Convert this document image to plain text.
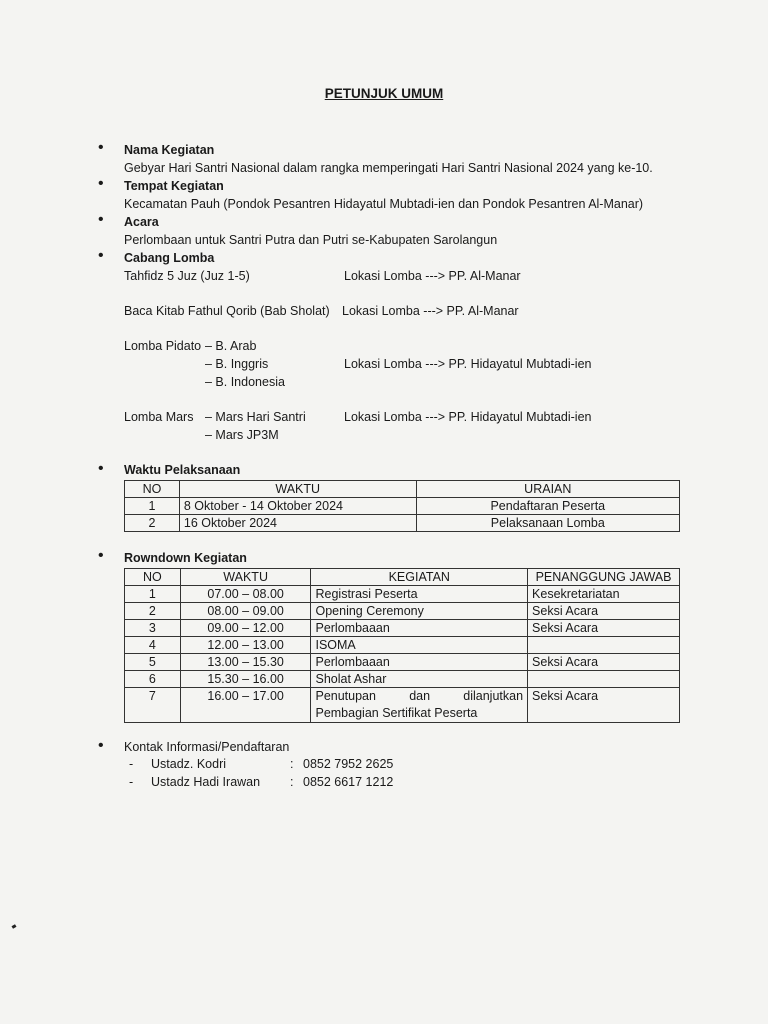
PETUNJUK UMUM
•
Nama Kegiatan
Gebyar Hari Santri Nasional dalam rangka memperingati Hari Santri Nasional 2024 yang ke-10.
•
Tempat Kegiatan
Kecamatan Pauh (Pondok Pesantren Hidayatul Mubtadi-ien dan Pondok Pesantren Al-Manar)
•
Acara
Perlombaan untuk Santri Putra dan Putri se-Kabupaten Sarolangun
•
Cabang Lomba
Tahfidz 5 Juz (Juz 1-5)	Lokasi Lomba ---> PP. Al-Manar
Baca Kitab Fathul Qorib (Bab Sholat) Lokasi Lomba ---> PP. Al-Manar
Lomba Pidato – B. Arab
– B. Inggris	Lokasi Lomba ---> PP. Hidayatul Mubtadi-ien
– B. Indonesia
Lomba Mars – Mars Hari Santri	Lokasi Lomba ---> PP. Hidayatul Mubtadi-ien
– Mars JP3M
•
Waktu Pelaksanaan
NO	WAKTU	URAIAN
1	8 Oktober - 14 Oktober 2024	Pendaftaran Peserta
2	16 Oktober 2024	Pelaksanaan Lomba
•
Rowndown Kegiatan
NO	WAKTU	KEGIATAN	PENANGGUNG JAWAB
1	07.00 – 08.00	Registrasi Peserta	Kesekretariatan
2	08.00 – 09.00	Opening Ceremony	Seksi Acara
3	09.00 – 12.00	Perlombaaan	Seksi Acara
4	12.00 – 13.00	ISOMA	
5	13.00 – 15.30	Perlombaaan	Seksi Acara
6	15.30 – 16.00	Sholat Ashar	
7	16.00 – 17.00	Penutupan dan dilanjutkan
Pembagian Sertifikat Peserta	Seksi Acara
•
Kontak Informasi/Pendaftaran
- Ustadz. Kodri	: 0852 7952 2625
- Ustadz Hadi Irawan : 0852 6617 1212
